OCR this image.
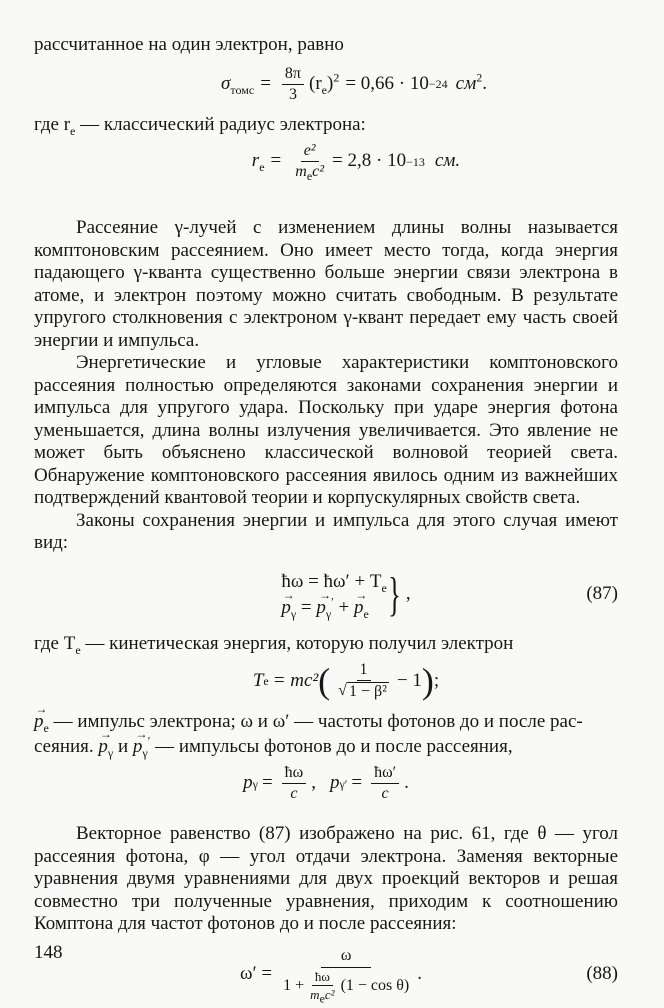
рассчитанное на один электрон, равно

$\sigma_{томс} = \frac{8\pi}{3} (r_e)^2 = 0,66 \cdot 10 -24$ $см^2$.

где $r_e$ — классический радиус электрона:

$r_e = \frac{\text{e²}}{m_ec^2} = 2,8 \cdot 10 -13$ см.

Рассеяние γ-лучей с изменением длины волны называется комптоновским рассеянием. Оно имеет место тогда, когда энергия падающего γ-кванта существенно больше энергии связи электрона в атоме, и электрон поэтому можно считать свободным. В результате упругого столкновения с электроном γ-квант передает ему часть своей энергии и импульса.

Энергетические и угловые характеристики комптоновского рассеяния полностью определяются законами сохранения энергии и импульса для упругого удара. Поскольку при ударе энергия фотона уменьшается, длина волны излучения увеличивается. Это явление не может быть объяснено классической волновой теорией света. Обнаружение комптоновского рассеяния явилось одним из важнейших подтверждений квантовой теории и корпускулярных свойств света.

Законы сохранения энергии и импульса для этого случая имеют вид:

ħω = ħω′ + $T_e$
→ $p_\gamma$ = → $p_\gamma'$ + → $p_e$ } ,	(87)

где $T_e$ — кинетическая энергия, которую получил электрон

T e = mc² ( $\frac{1}{\text{√ 1 − β²}} - 1$ ) ;

→ $p_e$ — импульс электрона; ω и ω′ — частоты фотонов до и после рас-

сеяния. → $p_\gamma$ $и \to p_\gamma'$ — импульсы фотонов до и после рассеяния,

p $\gamma = \frac{ħ\omega}{c}$ , p γ ′ = $\frac{ħ\omega'}{c}$ .

Векторное равенство (87) изображено на рис. 61, где θ — угол рассеяния фотона, φ — угол отдачи электрона. Заменяя векторные уравнения двумя уравнениями для двух проекций векторов и решая совместно три полученные уравнения, приходим к соотношению Комптона для частот фотонов до и после рассеяния:

$\omega' = \frac{\omega}{1 + \frac{ħ\omega}{m_ec^2} (1 - \cos \theta)}$ .	(88)
148
